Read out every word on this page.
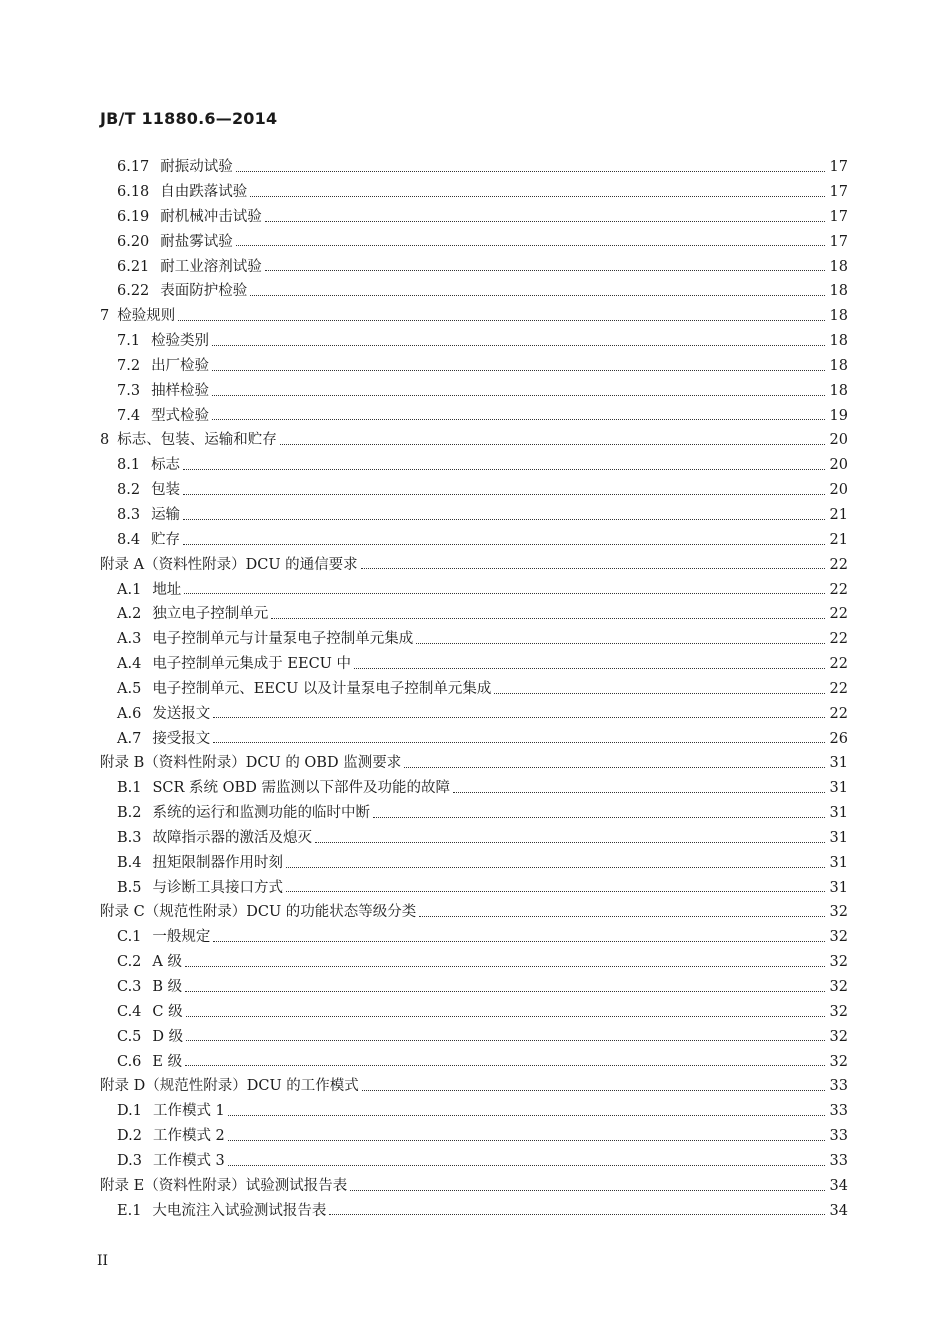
JB/T 11880.6—2014
6.17 耐振动试验	17
6.18 自由跌落试验	17
6.19 耐机械冲击试验	17
6.20 耐盐雾试验	17
6.21 耐工业溶剂试验	18
6.22 表面防护检验	18
7 检验规则	18
7.1 检验类别	18
7.2 出厂检验	18
7.3 抽样检验	18
7.4 型式检验	19
8 标志、包装、运输和贮存	20
8.1 标志	20
8.2 包装	20
8.3 运输	21
8.4 贮存	21
附录 A （资料性附录）DCU 的通信要求	22
A.1 地址	22
A.2 独立电子控制单元	22
A.3 电子控制单元与计量泵电子控制单元集成	22
A.4 电子控制单元集成于 EECU 中	22
A.5 电子控制单元、EECU 以及计量泵电子控制单元集成	22
A.6 发送报文	22
A.7 接受报文	26
附录 B （资料性附录）DCU 的 OBD 监测要求	31
B.1 SCR 系统 OBD 需监测以下部件及功能的故障	31
B.2 系统的运行和监测功能的临时中断	31
B.3 故障指示器的激活及熄灭	31
B.4 扭矩限制器作用时刻	31
B.5 与诊断工具接口方式	31
附录 C （规范性附录）DCU 的功能状态等级分类	32
C.1 一般规定	32
C.2 A 级	32
C.3 B 级	32
C.4 C 级	32
C.5 D 级	32
C.6 E 级	32
附录 D （规范性附录）DCU 的工作模式	33
D.1 工作模式 1	33
D.2 工作模式 2	33
D.3 工作模式 3	33
附录 E （资料性附录）试验测试报告表	34
E.1 大电流注入试验测试报告表	34
II
